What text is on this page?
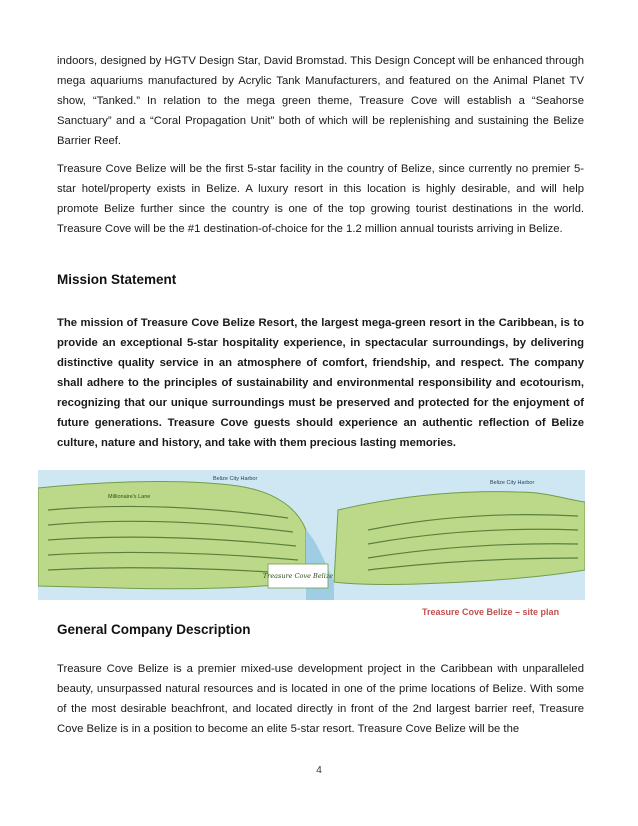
indoors, designed by HGTV Design Star, David Bromstad. This Design Concept will be enhanced through mega aquariums manufactured by Acrylic Tank Manufacturers, and featured on the Animal Planet TV show, “Tanked.” In relation to the mega green theme, Treasure Cove will establish a “Seahorse Sanctuary” and a “Coral Propagation Unit” both of which will be replenishing and sustaining the Belize Barrier Reef.

Treasure Cove Belize will be the first 5-star facility in the country of Belize, since currently no premier 5-star hotel/property exists in Belize. A luxury resort in this location is highly desirable, and will help promote Belize further since the country is one of the top growing tourist destinations in the world. Treasure Cove will be the #1 destination-of-choice for the 1.2 million annual tourists arriving in Belize.

Mission Statement

The mission of Treasure Cove Belize Resort, the largest mega-green resort in the Caribbean, is to provide an exceptional 5-star hospitality experience, in spectacular surroundings, by delivering distinctive quality service in an atmosphere of comfort, friendship, and respect. The company shall adhere to the principles of sustainability and environmental responsibility and ecotourism, recognizing that our unique surroundings must be preserved and protected for the enjoyment of future generations. Treasure Cove guests should experience an authentic reflection of Belize culture, nature and history, and take with them precious lasting memories.

Treasure Cove Belize
Millionaire's Lane
Belize City Harbor
Belize City Harbor

Treasure Cove Belize – site plan

General Company Description

Treasure Cove Belize is a premier mixed-use development project in the Caribbean with unparalleled beauty, unsurpassed natural resources and is located in one of the prime locations of Belize. With some of the most desirable beachfront, and located directly in front of the 2nd largest barrier reef, Treasure Cove Belize is in a position to become an elite 5-star resort. Treasure Cove Belize will be the

4
